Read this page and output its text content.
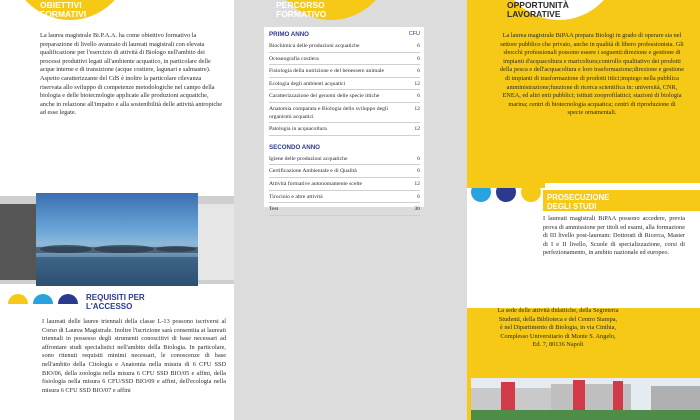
OBIETTIVI
FORMATIVI
La laurea magistrale Bi.P.A.A. ha come obiettivo formativo la preparazione di livello avanzato di laureati magistrali con elevata qualificazione per l'esercizio di attività di Biologo nell'ambito dei processi produttivi legati all'ambiente acquatico, in particolare delle acque interne e di transizione (acque costiere, lagunari e salmastre). Aspetto caratterizzante del CdS è inoltre la particolare rilevanza riservata allo sviluppo di competenze metodologiche nel campo della biologia e delle biotecnologie applicate alle produzioni acquatiche, anche in relazione all'impatto e alla sostenibilità delle attività antropiche ad esse legate.
REQUISITI PER
L'ACCESSO
I laureati delle lauree triennali della classe L-13 possono iscriversi al Corso di Laurea Magistrale. Inoltre l'iscrizione sarà consentita ai laureati triennali in possesso degli strumenti conoscitivi di base necessari ad affrontare studi specialistici nell'ambito della Biologia. In particolare, sono ritenuti requisiti minimi necessari, le conoscenze di base nell'ambito della Citologia e Anatomia nella misura di 6 CFU SSD BIO/06, della zoologia nella misura 6 CFU SSD BIO/05 e affini, della fisiologia nella misura 6 CFU/SSD BIO/09 e affini, dell'ecologia nella misura 6 CFU SSD BIO/07 e affini
PERCORSO
FORMATIVO
PRIMO ANNO	CFU
Biochimica delle produzioni acquatiche	6
Oceanografia costiera	6
Fisiologia della nutrizione e del benessere animale	6
Ecologia degli ambienti acquatici	12
Caratterizzazione dei genomi delle specie ittiche	6
Anatomia comparata e Biologia dello sviluppo degli organismi acquatici
12
Patologia in acquacoltura	12
SECONDO ANNO
Igiene delle produzioni acquatiche	6
Certificazione Ambientale e di Qualità	6
Attività formative autonomamente scelte	12
Tirocinio e altre attività	6
Tesi	30
OPPORTUNITÀ
LAVORATIVE
La laurea magistrale BiPAA prepara Biologi in grado di operare sia nel settore pubblico che privato, anche in qualità di libero professionista. Gli sbocchi professionali possono essere i seguenti:direzione e gestione di impianti d'acquacoltura e maricoltura;controllo qualitativo dei prodotti della pesca e dell'acquacoltura e loro trasformazione;direzione e gestione di impianti di trasformazione di prodotti ittici;impiego nella pubblica amministrazione;funzione di ricerca scientifica in: università, CNR, ENEA, ed altri enti pubblici; istituti zooprofilattici; stazioni di biologia marina; centri di biotecnologia acquatica; centri di riproduzione di specie ornamentali.
PROSECUZIONE
DEGLI STUDI
I laureati magistrali BiPAA possono accedere, previa prova di ammissione per titoli ed esami, alla formazione di III livello post-lauream: Dottorati di Ricerca, Master di I e II livello, Scuole di specializzazione, corsi di perfezionamento, in ambito nazionale ed europeo.
LA SEDE
La sede delle attività didattiche, della Segreteria Studenti, della Biblioteca e del Centro Stampa, è nel Dipartimento di Biologia, in via Cinthia, Complesso Universitario di Monte S. Angelo, Ed. 7, 80136 Napoli
